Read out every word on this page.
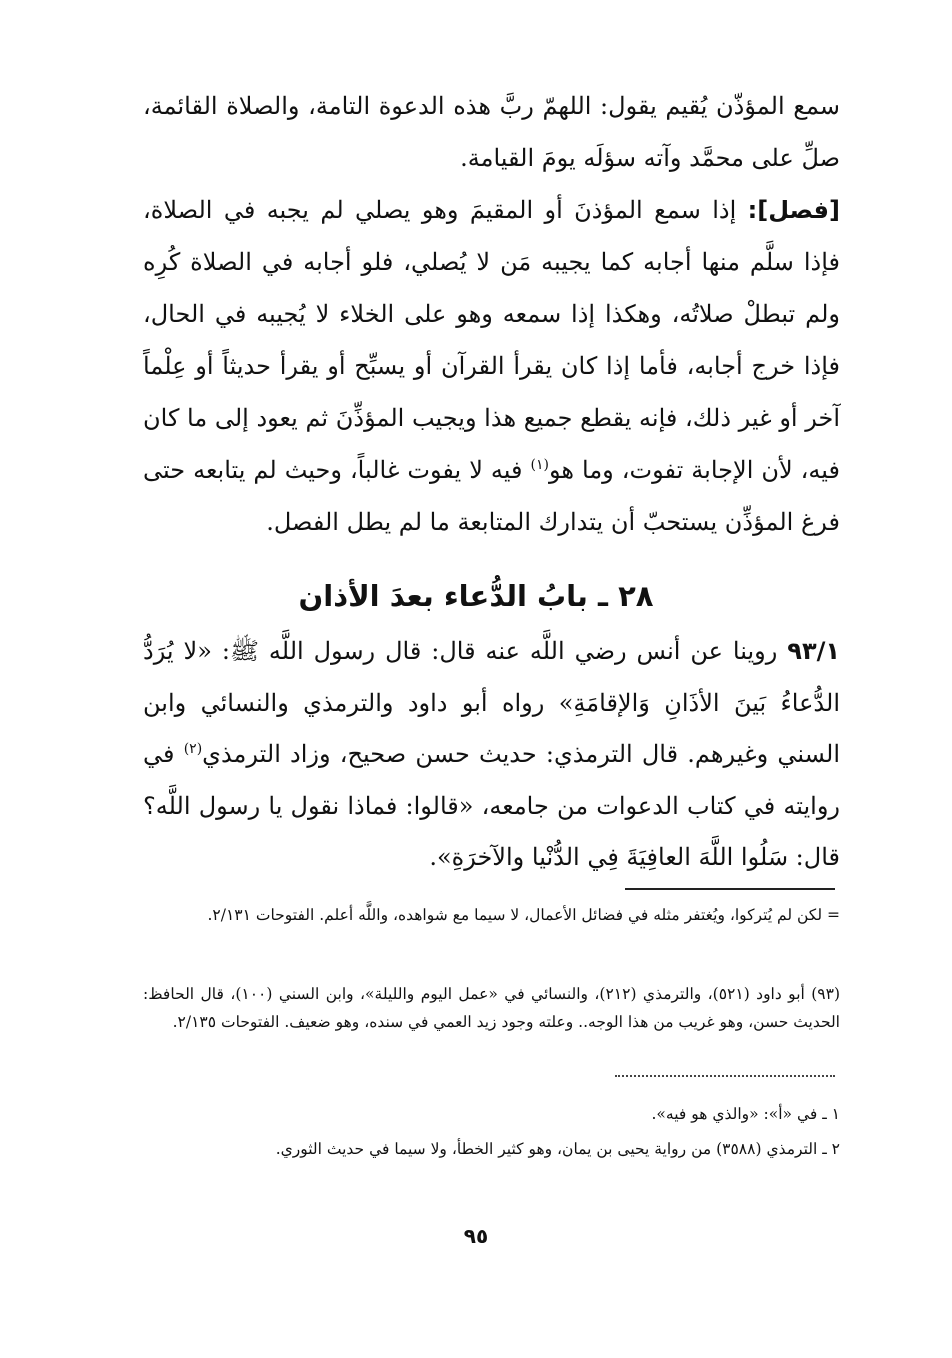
سمع المؤذّن يُقيم يقول: اللهمّ ربَّ هذه الدعوة التامة، والصلاة القائمة، صلِّ على محمَّد وآته سؤلَه يومَ القيامة.
[فصل]: إذا سمع المؤذنَ أو المقيمَ وهو يصلي لم يجبه في الصلاة، فإذا سلَّم منها أجابه كما يجيبه مَن لا يُصلي، فلو أجابه في الصلاة كُرِه ولم تبطلْ صلاتُه، وهكذا إذا سمعه وهو على الخلاء لا يُجيبه في الحال، فإذا خرج أجابه، فأما إذا كان يقرأ القرآن أو يسبِّح أو يقرأ حديثاً أو عِلْماً آخر أو غير ذلك، فإنه يقطع جميع هذا ويجيب المؤذِّنَ ثم يعود إلى ما كان فيه، لأن الإجابة تفوت، وما هو$^{(١)}$ فيه لا يفوت غالباً، وحيث لم يتابعه حتى فرغ المؤذِّن يستحبّ أن يتدارك المتابعة ما لم يطل الفصل.
٢٨ ـ بابُ الدُّعاء بعدَ الأذان
٩٣/١ روينا عن أنس رضي اللَّه عنه قال: قال رسول اللَّه ﷺ: «لا يُرَدُّ الدُّعاءُ بَينَ الأذَانِ وَالإقامَةِ» رواه أبو داود والترمذي والنسائي وابن السني وغيرهم. قال الترمذي: حديث حسن صحيح، وزاد الترمذي$^{(٢)}$ في روايته في كتاب الدعوات من جامعه، «قالوا: فماذا نقول يا رسول اللَّه؟ قال: سَلُوا اللَّهَ العافِيَةَ فِي الدُّنْيا والآخرَةِ».
= لكن لم يُتركوا، ويُغتفر مثله في فضائل الأعمال، لا سيما مع شواهده، واللَّه أعلم. الفتوحات ٢/١٣١.
(٩٣) أبو داود (٥٢١)، والترمذي (٢١٢)، والنسائي في «عمل اليوم والليلة»، وابن السني (١٠٠)، قال الحافظ: الحديث حسن، وهو غريب من هذا الوجه.. وعلته وجود زيد العمي في سنده، وهو ضعيف. الفتوحات ٢/١٣٥.
١ ـ في «أ»: «والذي هو فيه».
٢ ـ الترمذي (٣٥٨٨) من رواية يحيى بن يمان، وهو كثير الخطأ، ولا سيما في حديث الثوري.
٩٥
